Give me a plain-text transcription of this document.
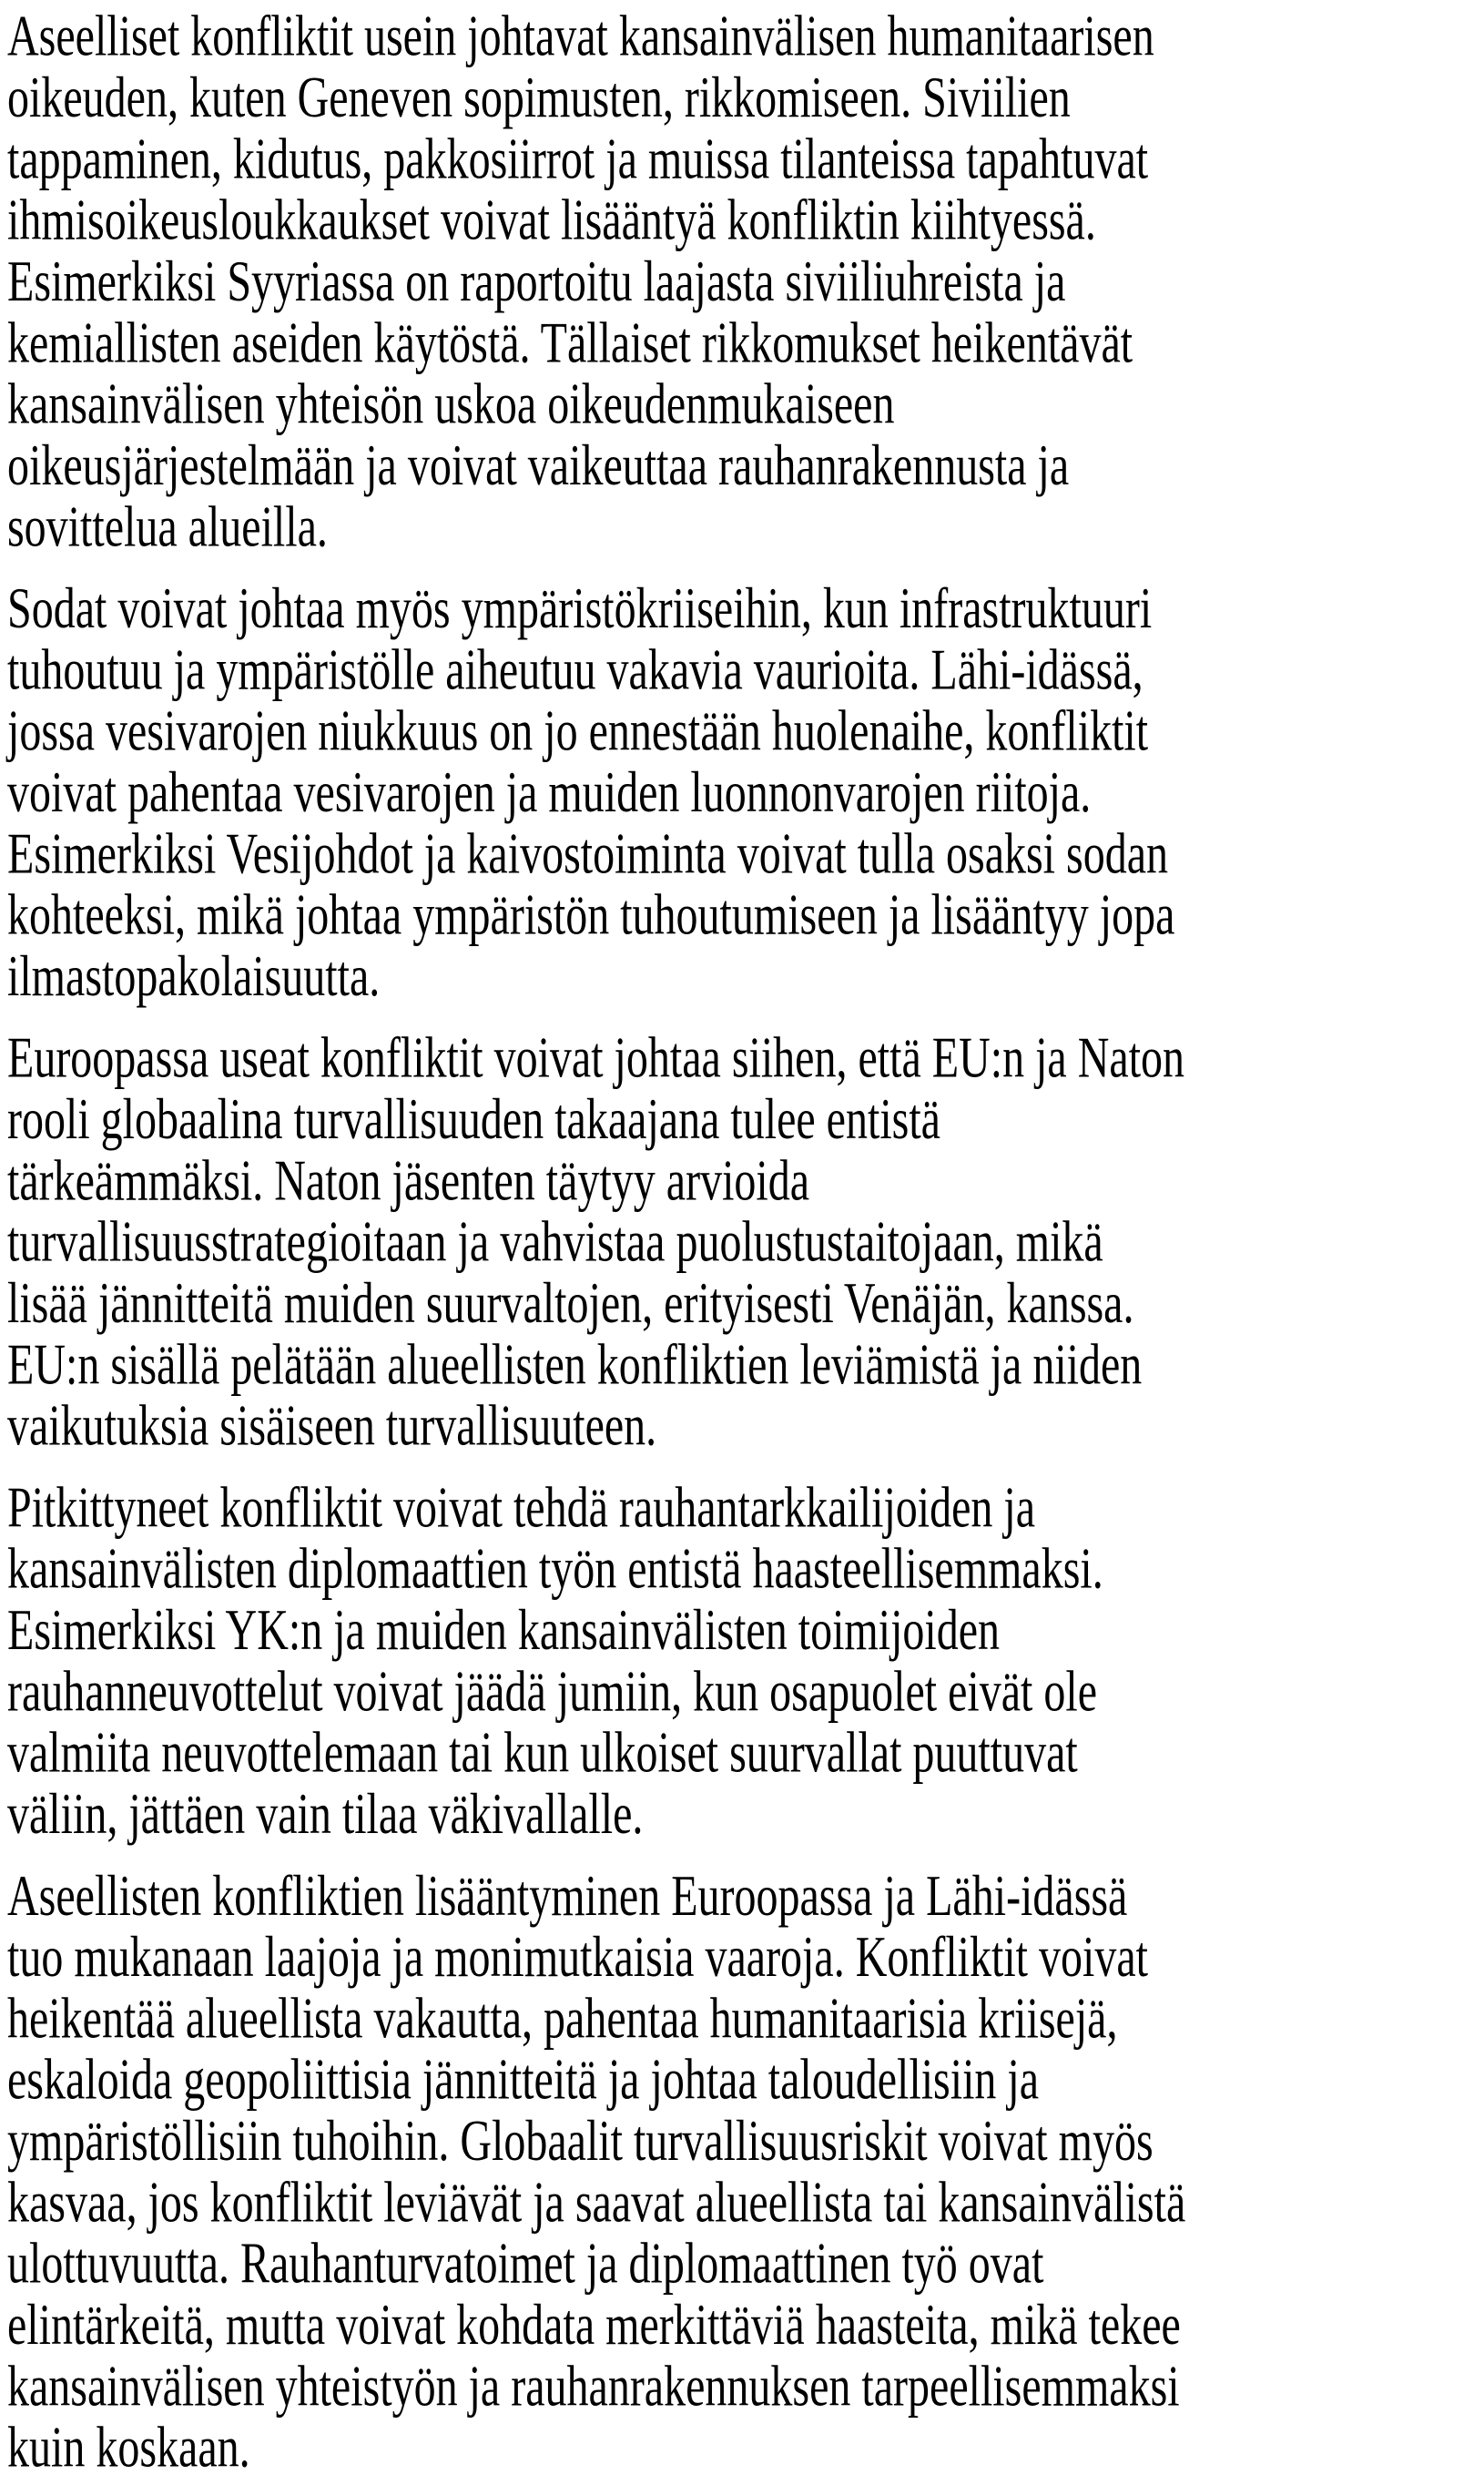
Aseelliset konfliktit usein johtavat kansainvälisen humanitaarisen
oikeuden, kuten Geneven sopimusten, rikkomiseen. Siviilien
tappaminen, kidutus, pakkosiirrot ja muissa tilanteissa tapahtuvat
ihmisoikeusloukkaukset voivat lisääntyä konfliktin kiihtyessä.
Esimerkiksi Syyriassa on raportoitu laajasta siviiliuhreista ja
kemiallisten aseiden käytöstä. Tällaiset rikkomukset heikentävät
kansainvälisen yhteisön uskoa oikeudenmukaiseen
oikeusjärjestelmään ja voivat vaikeuttaa rauhanrakennusta ja
sovittelua alueilla.
Sodat voivat johtaa myös ympäristökriiseihin, kun infrastruktuuri
tuhoutuu ja ympäristölle aiheutuu vakavia vaurioita. Lähi-idässä,
jossa vesivarojen niukkuus on jo ennestään huolenaihe, konfliktit
voivat pahentaa vesivarojen ja muiden luonnonvarojen riitoja.
Esimerkiksi Vesijohdot ja kaivostoiminta voivat tulla osaksi sodan
kohteeksi, mikä johtaa ympäristön tuhoutumiseen ja lisääntyy jopa
ilmastopakolaisuutta.
Euroopassa useat konfliktit voivat johtaa siihen, että EU:n ja Naton
rooli globaalina turvallisuuden takaajana tulee entistä
tärkeämmäksi. Naton jäsenten täytyy arvioida
turvallisuusstrategioitaan ja vahvistaa puolustustaitojaan, mikä
lisää jännitteitä muiden suurvaltojen, erityisesti Venäjän, kanssa.
EU:n sisällä pelätään alueellisten konfliktien leviämistä ja niiden
vaikutuksia sisäiseen turvallisuuteen.
Pitkittyneet konfliktit voivat tehdä rauhantarkkailijoiden ja
kansainvälisten diplomaattien työn entistä haasteellisemmaksi.
Esimerkiksi YK:n ja muiden kansainvälisten toimijoiden
rauhanneuvottelut voivat jäädä jumiin, kun osapuolet eivät ole
valmiita neuvottelemaan tai kun ulkoiset suurvallat puuttuvat
väliin, jättäen vain tilaa väkivallalle.
Aseellisten konfliktien lisääntyminen Euroopassa ja Lähi-idässä
tuo mukanaan laajoja ja monimutkaisia vaaroja. Konfliktit voivat
heikentää alueellista vakautta, pahentaa humanitaarisia kriisejä,
eskaloida geopoliittisia jännitteitä ja johtaa taloudellisiin ja
ympäristöllisiin tuhoihin. Globaalit turvallisuusriskit voivat myös
kasvaa, jos konfliktit leviävät ja saavat alueellista tai kansainvälistä
ulottuvuutta. Rauhanturvatoimet ja diplomaattinen työ ovat
elintärkeitä, mutta voivat kohdata merkittäviä haasteita, mikä tekee
kansainvälisen yhteistyön ja rauhanrakennuksen tarpeellisemmaksi
kuin koskaan.
